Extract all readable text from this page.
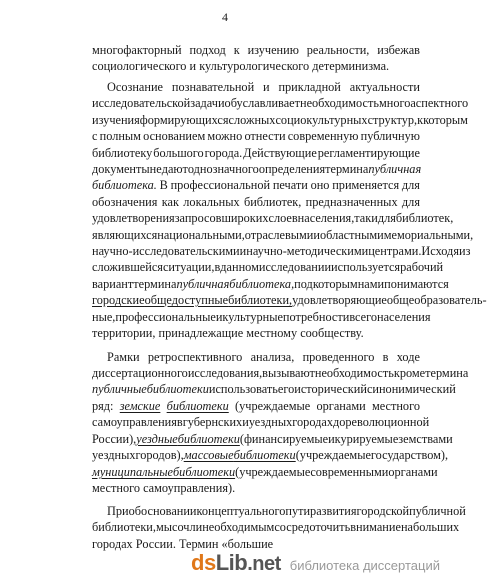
4
многофакторный подход к изучению реальности, избежав
социологического и культурологического детерминизма.
Осознание познавательной и прикладной актуальности
исследовательской задачи обуславливает необходимость многоаспектного
изучения формирующихся сложных социокультурных структур, к которым
с полным основанием можно отнести современную публичную
библиотеку большого города. Действующие регламентирующие
документы не дают однозначного определения термина публичная
библиотека. В профессиональной печати оно применяется для
обозначения как локальных библиотек, предназначенных для
удовлетворения запросов широких слоев населения, так и для библиотек,
являющихся национальными, отраслевыми и областными мемориальными,
научно-исследовательскими и научно-методическими центрами. Исходя из
сложившейся ситуации, в данном исследовании используется рабочий
вариант термина публичная библиотека, под которым нами понимаются
городские общедоступные библиотеки, удовлетворяющие общеобразователь-
ные, профессиональные и культурные потребности всего населения
территории, принадлежащие местному сообществу.
Рамки ретроспективного анализа, проведенного в ходе
диссертационного исследования, вызывают необходимость кроме термина
публичные библиотеки использовать его исторический синонимический
ряд: земские библиотеки (учреждаемые органами местного
самоуправления в губернских и уездных городах дореволюционной
России), уездные библиотеки (финансируемые и курируемые земствами
уездных городов), массовые библиотеки (учреждаемые государством),
муниципальные библиотеки (учреждаемые современными органами
местного самоуправления).
При обосновании концептуального пути развития городской публичной
библиотеки, мы сочли необходимым сосредоточить внимание на больших
городах России. Термин «большие
ds Lib .net библиотека диссертаций
